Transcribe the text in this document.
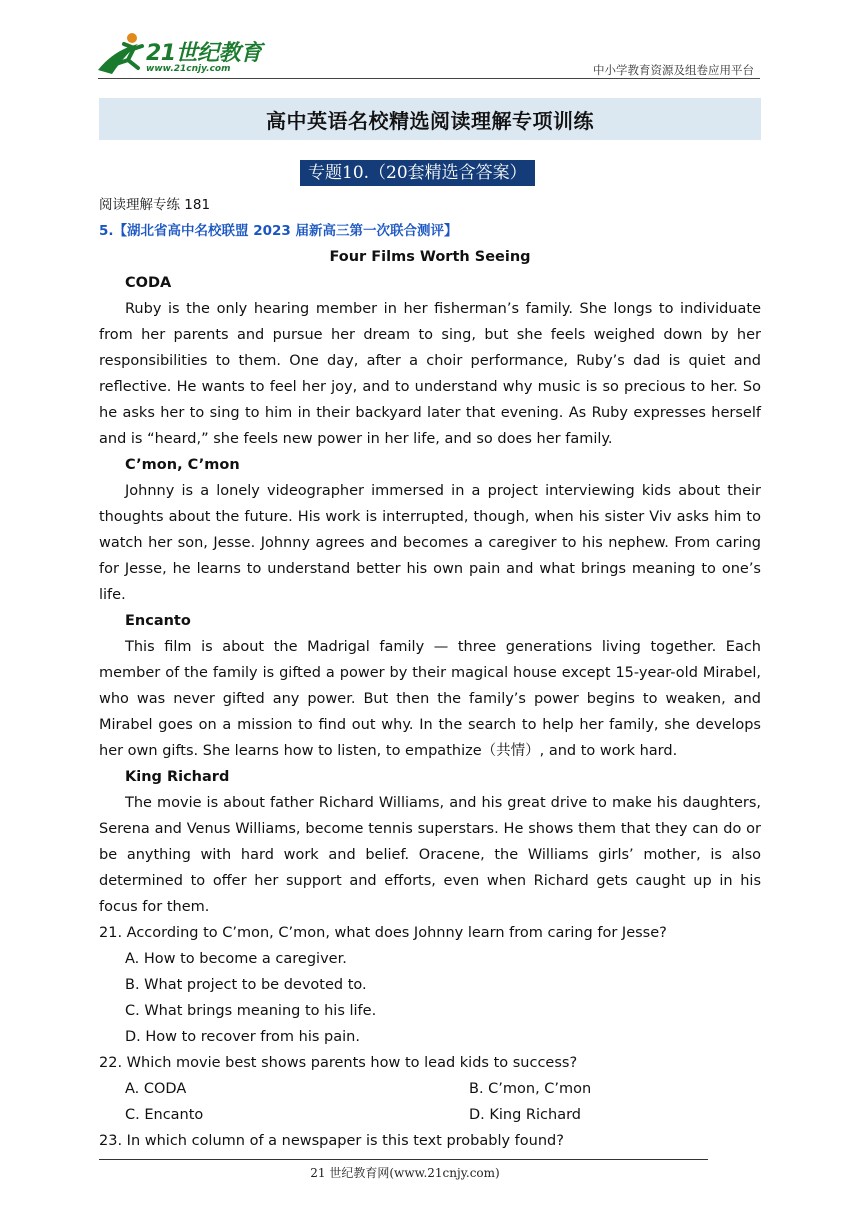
21世纪教育
www.21cnjy.com	中小学教育资源及组卷应用平台
高中英语名校精选阅读理解专项训练
专题10.（20套精选含答案）

阅读理解专练 181

5.【湖北省高中名校联盟 2023 届新高三第一次联合测评】

Four Films Worth Seeing

CODA

Ruby is the only hearing member in her fisherman’s family. She longs to individuate from her parents and pursue her dream to sing, but she feels weighed down by her responsibilities to them. One day, after a choir performance, Ruby’s dad is quiet and reflective. He wants to feel her joy, and to understand why music is so precious to her. So he asks her to sing to him in their backyard later that evening. As Ruby expresses herself and is “heard,” she feels new power in her life, and so does her family.

C’mon, C’mon

Johnny is a lonely videographer immersed in a project interviewing kids about their thoughts about the future. His work is interrupted, though, when his sister Viv asks him to watch her son, Jesse. Johnny agrees and becomes a caregiver to his nephew. From caring for Jesse, he learns to understand better his own pain and what brings meaning to one’s life.

Encanto

This film is about the Madrigal family — three generations living together. Each member of the family is gifted a power by their magical house except 15-year-old Mirabel, who was never gifted any power. But then the family’s power begins to weaken, and Mirabel goes on a mission to find out why. In the search to help her family, she develops her own gifts. She learns how to listen, to empathize（共情）, and to work hard.

King Richard

The movie is about father Richard Williams, and his great drive to make his daughters, Serena and Venus Williams, become tennis superstars. He shows them that they can do or be anything with hard work and belief. Oracene, the Williams girls’ mother, is also determined to offer her support and efforts, even when Richard gets caught up in his focus for them.

21. According to C’mon, C’mon, what does Johnny learn from caring for Jesse?

A. How to become a caregiver.

B. What project to be devoted to.

C. What brings meaning to his life.

D. How to recover from his pain.

22. Which movie best shows parents how to lead kids to success?

A. CODA	B. C’mon, C’mon
C. Encanto	D. King Richard

23. In which column of a newspaper is this text probably found?

21 世纪教育网(www.21cnjy.com)
